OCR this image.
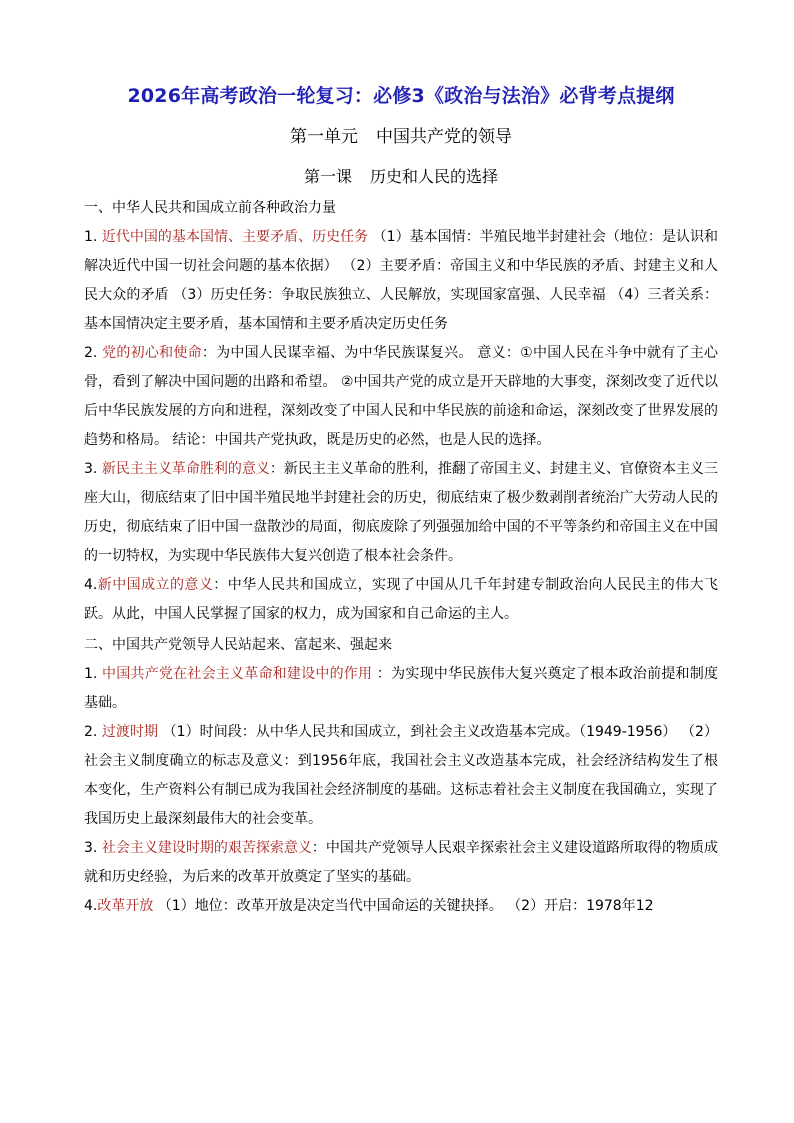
2026年高考政治一轮复习：必修3《政治与法治》必背考点提纲
第一单元 中国共产党的领导
第一课 历史和人民的选择
一、中华人民共和国成立前各种政治力量

1. 近代中国的基本国情、主要矛盾、历史任务 （1）基本国情：半殖民地半封建社会（地位：是认识和解决近代中国一切社会问题的基本依据） （2）主要矛盾：帝国主义和中华民族的矛盾、封建主义和人民大众的矛盾 （3）历史任务：争取民族独立、人民解放，实现国家富强、人民幸福 （4）三者关系：基本国情决定主要矛盾，基本国情和主要矛盾决定历史任务

2. 党的初心和使命：为中国人民谋幸福、为中华民族谋复兴。 意义：①中国人民在斗争中就有了主心骨，看到了解决中国问题的出路和希望。 ②中国共产党的成立是开天辟地的大事变，深刻改变了近代以后中华民族发展的方向和进程，深刻改变了中国人民和中华民族的前途和命运，深刻改变了世界发展的趋势和格局。 结论：中国共产党执政，既是历史的必然，也是人民的选择。

3. 新民主主义革命胜利的意义：新民主主义革命的胜利，推翻了帝国主义、封建主义、官僚资本主义三座大山，彻底结束了旧中国半殖民地半封建社会的历史，彻底结束了极少数剥削者统治广大劳动人民的历史，彻底结束了旧中国一盘散沙的局面，彻底废除了列强强加给中国的不平等条约和帝国主义在中国的一切特权，为实现中华民族伟大复兴创造了根本社会条件。

4.新中国成立的意义：中华人民共和国成立，实现了中国从几千年封建专制政治向人民民主的伟大飞跃。从此，中国人民掌握了国家的权力，成为国家和自己命运的主人。

二、中国共产党领导人民站起来、富起来、强起来

1. 中国共产党在社会主义革命和建设中的作用 ：为实现中华民族伟大复兴奠定了根本政治前提和制度基础。

2. 过渡时期 （1）时间段：从中华人民共和国成立，到社会主义改造基本完成。（1949-1956） （2）社会主义制度确立的标志及意义：到1956年底，我国社会主义改造基本完成，社会经济结构发生了根本变化，生产资料公有制已成为我国社会经济制度的基础。这标志着社会主义制度在我国确立，实现了我国历史上最深刻最伟大的社会变革。

3. 社会主义建设时期的艰苦探索意义：中国共产党领导人民艰辛探索社会主义建设道路所取得的物质成就和历史经验，为后来的改革开放奠定了坚实的基础。

4.改革开放 （1）地位：改革开放是决定当代中国命运的关键抉择。 （2）开启：1978年12
